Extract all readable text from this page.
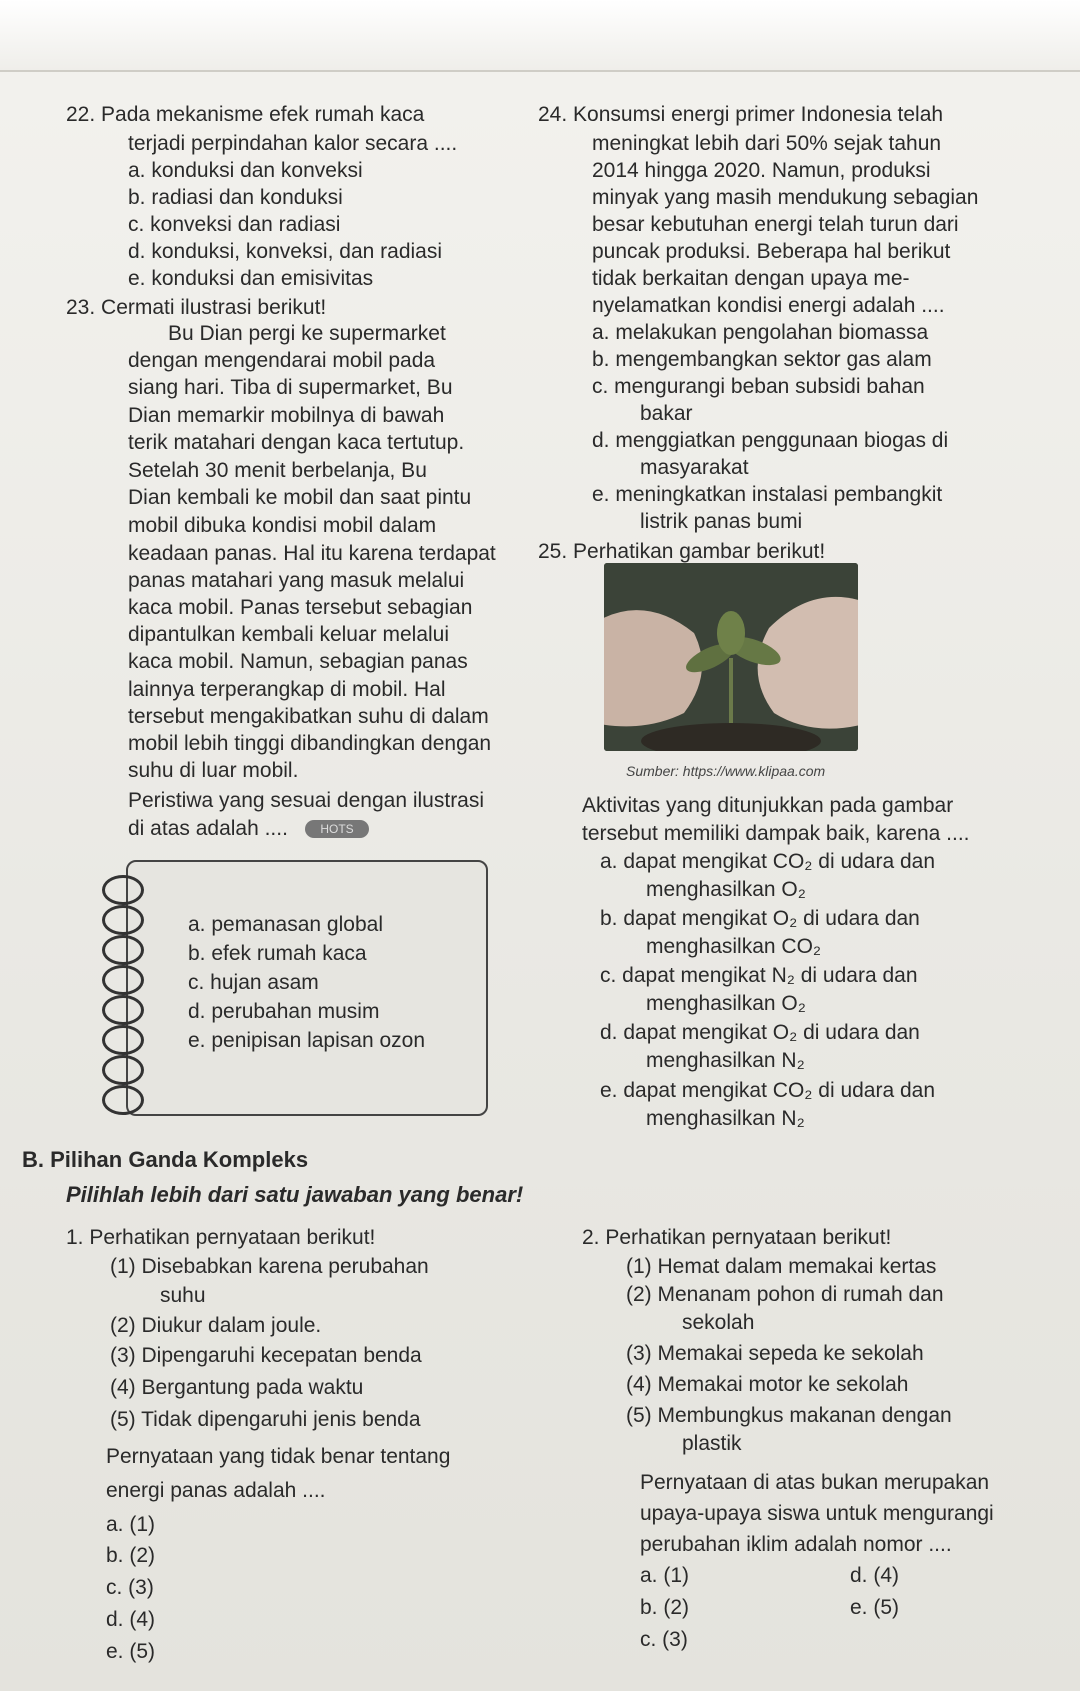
22. Pada mekanisme efek rumah kaca
terjadi perpindahan kalor secara ....
a. konduksi dan konveksi
b. radiasi dan konduksi
c. konveksi dan radiasi
d. konduksi, konveksi, dan radiasi
e. konduksi dan emisivitas
23. Cermati ilustrasi berikut!
Bu Dian pergi ke supermarket
dengan mengendarai mobil pada
siang hari. Tiba di supermarket, Bu
Dian memarkir mobilnya di bawah
terik matahari dengan kaca tertutup.
Setelah 30 menit berbelanja, Bu
Dian kembali ke mobil dan saat pintu
mobil dibuka kondisi mobil dalam
keadaan panas. Hal itu karena terdapat
panas matahari yang masuk melalui
kaca mobil. Panas tersebut sebagian
dipantulkan kembali keluar melalui
kaca mobil. Namun, sebagian panas
lainnya terperangkap di mobil. Hal
tersebut mengakibatkan suhu di dalam
mobil lebih tinggi dibandingkan dengan
suhu di luar mobil.
Peristiwa yang sesuai dengan ilustrasi
di atas adalah ....	HOTS
a. pemanasan global
b. efek rumah kaca
c. hujan asam
d. perubahan musim
e. penipisan lapisan ozon
24. Konsumsi energi primer Indonesia telah
meningkat lebih dari 50% sejak tahun
2014 hingga 2020. Namun, produksi
minyak yang masih mendukung sebagian
besar kebutuhan energi telah turun dari
puncak produksi. Beberapa hal berikut
tidak berkaitan dengan upaya me-
nyelamatkan kondisi energi adalah ....
a. melakukan pengolahan biomassa
b. mengembangkan sektor gas alam
c. mengurangi beban subsidi bahan
bakar
d. menggiatkan penggunaan biogas di
masyarakat
e. meningkatkan instalasi pembangkit
listrik panas bumi
25. Perhatikan gambar berikut!
Sumber: https://www.klipaa.com
Aktivitas yang ditunjukkan pada gambar
tersebut memiliki dampak baik, karena ....
a. dapat mengikat CO₂ di udara dan
menghasilkan O₂
b. dapat mengikat O₂ di udara dan
menghasilkan CO₂
c. dapat mengikat N₂ di udara dan
menghasilkan O₂
d. dapat mengikat O₂ di udara dan
menghasilkan N₂
e. dapat mengikat CO₂ di udara dan
menghasilkan N₂
B. Pilihan Ganda Kompleks
Pilihlah lebih dari satu jawaban yang benar!
1. Perhatikan pernyataan berikut!
(1) Disebabkan karena perubahan
suhu
(2) Diukur dalam joule.
(3) Dipengaruhi kecepatan benda
(4) Bergantung pada waktu
(5) Tidak dipengaruhi jenis benda
Pernyataan yang tidak benar tentang
energi panas adalah ....
a. (1)
b. (2)
c. (3)
d. (4)
e. (5)
2. Perhatikan pernyataan berikut!
(1) Hemat dalam memakai kertas
(2) Menanam pohon di rumah dan
sekolah
(3) Memakai sepeda ke sekolah
(4) Memakai motor ke sekolah
(5) Membungkus makanan dengan
plastik
Pernyataan di atas bukan merupakan
upaya-upaya siswa untuk mengurangi
perubahan iklim adalah nomor ....
a. (1)
b. (2)
c. (3)
d. (4)
e. (5)
